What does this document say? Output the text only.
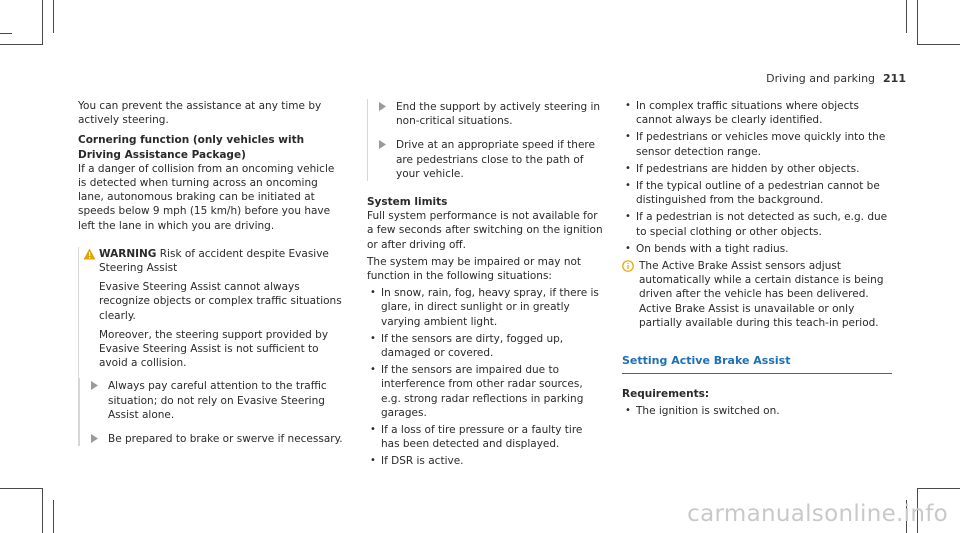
Driving and parking 211

You can prevent the assistance at any time by actively steering.

Cornering function (only vehicles with Driving Assistance Package)

If a danger of collision from an oncoming vehicle is detected when turning across an oncoming lane, autonomous braking can be initiated at speeds below 9 mph (15 km/h) before you have left the lane in which you are driving.

WARNING Risk of accident despite Evasive Steering Assist

Evasive Steering Assist cannot always recognize objects or complex traffic situations clearly.

Moreover, the steering support provided by Evasive Steering Assist is not sufficient to avoid a collision.

Always pay careful attention to the traffic situation; do not rely on Evasive Steering Assist alone.
Be prepared to brake or swerve if necessary.
End the support by actively steering in non-critical situations.
Drive at an appropriate speed if there are pedestrians close to the path of your vehicle.
System limits

Full system performance is not available for a few seconds after switching on the ignition or after driving off.

The system may be impaired or may not function in the following situations:

• In snow, rain, fog, heavy spray, if there is glare, in direct sunlight or in greatly varying ambient light.
• If the sensors are dirty, fogged up, damaged or covered.
• If the sensors are impaired due to interference from other radar sources, e.g. strong radar reflections in parking garages.
• If a loss of tire pressure or a faulty tire has been detected and displayed.
• If DSR is active.
• In complex traffic situations where objects cannot always be clearly identified.
• If pedestrians or vehicles move quickly into the sensor detection range.
• If pedestrians are hidden by other objects.
• If the typical outline of a pedestrian cannot be distinguished from the background.
• If a pedestrian is not detected as such, e.g. due to special clothing or other objects.
• On bends with a tight radius.
The Active Brake Assist sensors adjust automatically while a certain distance is being driven after the vehicle has been delivered. Active Brake Assist is unavailable or only partially available during this teach-in period.
Setting Active Brake Assist
Requirements:
• The ignition is switched on.
carmanualsonline.info
